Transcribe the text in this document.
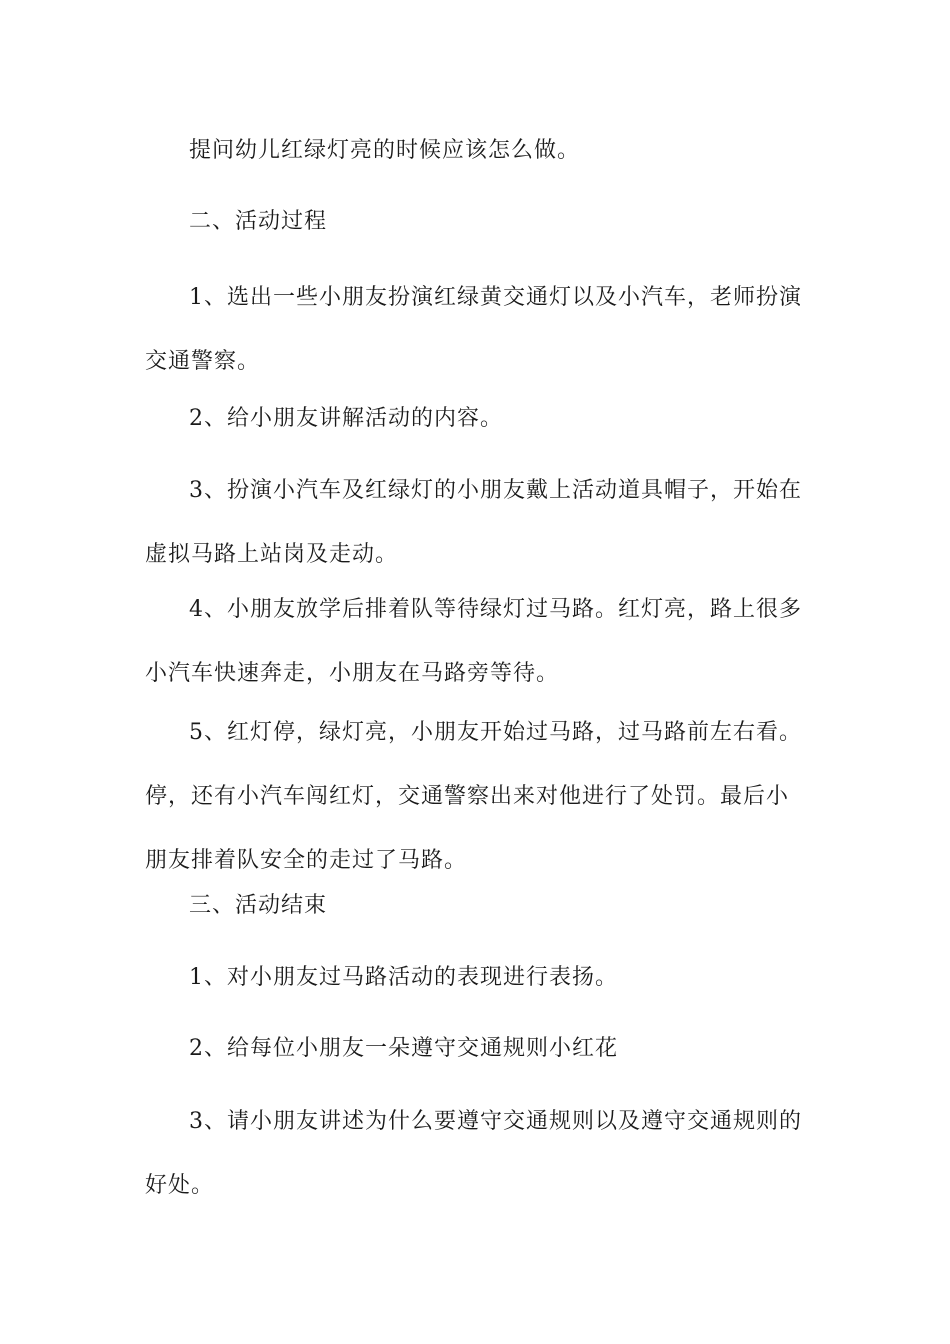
提问幼儿红绿灯亮的时候应该怎么做。

二、活动过程

1、选出一些小朋友扮演红绿黄交通灯以及小汽车，老师扮演交通警察。

2、给小朋友讲解活动的内容。

3、扮演小汽车及红绿灯的小朋友戴上活动道具帽子，开始在虚拟马路上站岗及走动。

4、小朋友放学后排着队等待绿灯过马路。红灯亮，路上很多小汽车快速奔走，小朋友在马路旁等待。

5、红灯停，绿灯亮，小朋友开始过马路，过马路前左右看。停，还有小汽车闯红灯，交通警察出来对他进行了处罚。最后小朋友排着队安全的走过了马路。

三、活动结束

1、对小朋友过马路活动的表现进行表扬。

2、给每位小朋友一朵遵守交通规则小红花

3、请小朋友讲述为什么要遵守交通规则以及遵守交通规则的好处。
